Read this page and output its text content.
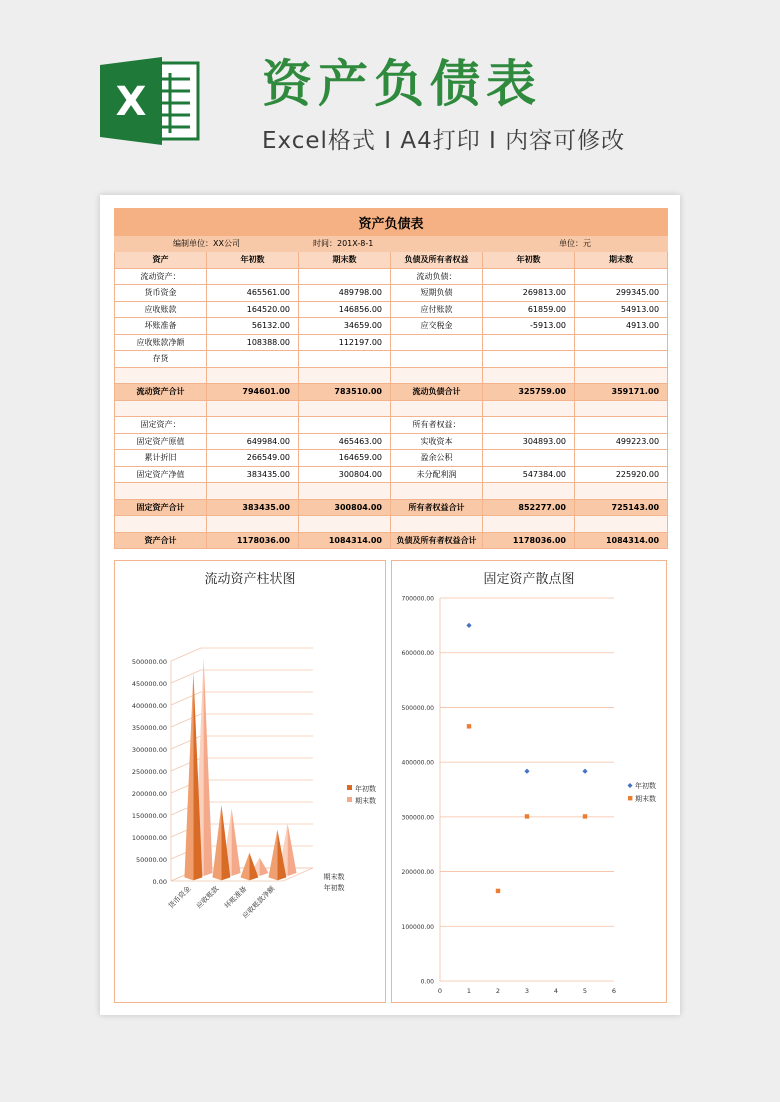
X 资产负债表
Excel格式 I A4打印 I 内容可修改
资产负债表					
编制单位：XX公司		时间：201X-8-1		单位：元	
资产	年初数	期末数	负债及所有者权益	年初数	期末数
流动资产：			流动负债：		
货币资金	465561.00	489798.00	短期负债	269813.00	299345.00
应收账款	164520.00	146856.00	应付账款	61859.00	54913.00
坏账准备	56132.00	34659.00	应交税金	-5913.00	4913.00
应收账款净额	108388.00	112197.00			
存货					

流动资产合计	794601.00	783510.00	流动负债合计	325759.00	359171.00

固定资产：			所有者权益：		
固定资产原值	649984.00	465463.00	实收资本	304893.00	499223.00
累计折旧	266549.00	164659.00	盈余公积		
固定资产净值	383435.00	300804.00	未分配利润	547384.00	225920.00

固定资产合计	383435.00	300804.00	所有者权益合计	852277.00	725143.00

资产合计	1178036.00	1084314.00	负债及所有者权益合计	1178036.00	1084314.00
流动资产柱状图
0.00
50000.00
100000.00
150000.00
200000.00
250000.00
300000.00
350000.00
400000.00
450000.00
500000.00
货币资金 应收账款 坏账准备
应收账款净额
期末数
年初数
年初数
期末数
固定资产散点图
0.00
100000.00
200000.00
300000.00
400000.00
500000.00
600000.00
700000.00
0	1	2	3	4	5	6
年初数
期末数
